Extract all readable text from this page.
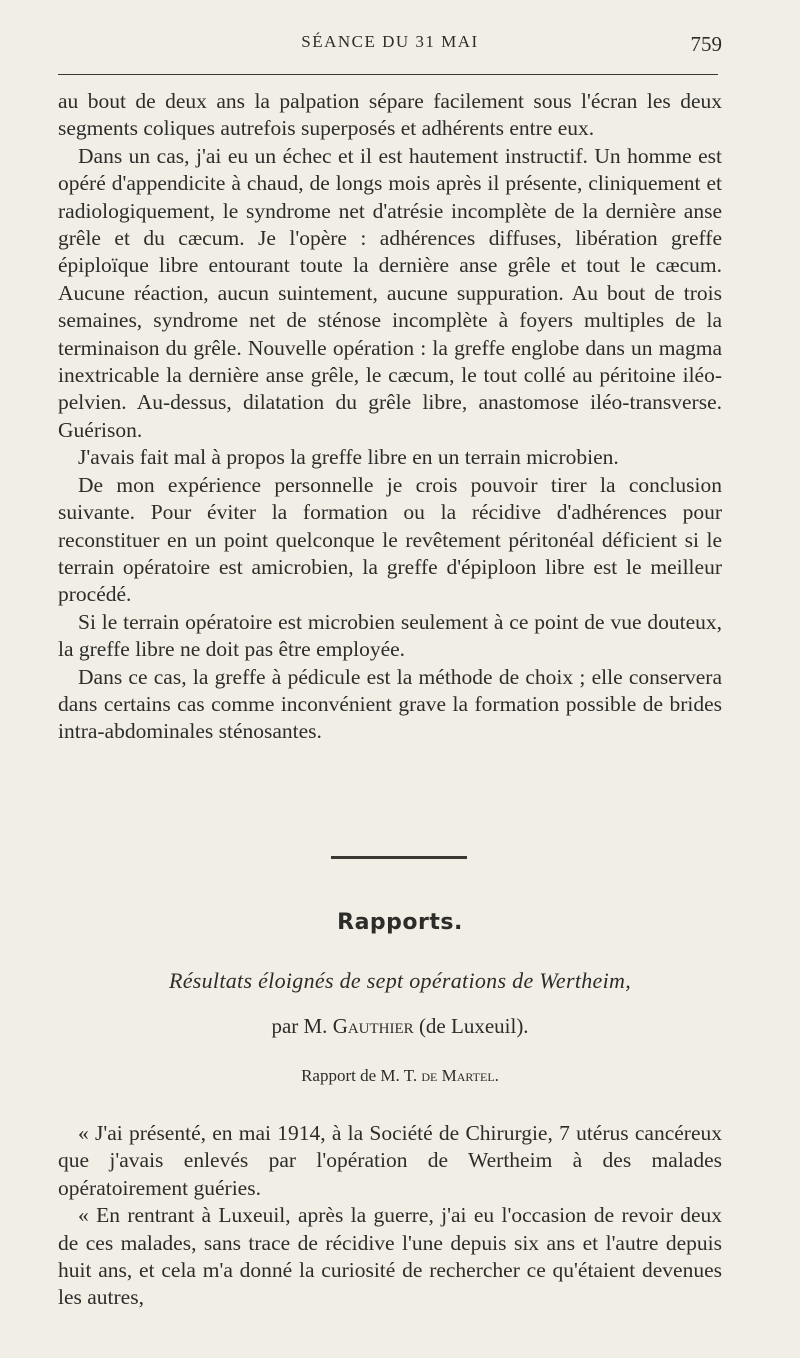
SÉANCE DU 31 MAI	759

au bout de deux ans la palpation sépare facilement sous l'écran les deux segments coliques autrefois superposés et adhérents entre eux.

Dans un cas, j'ai eu un échec et il est hautement instructif. Un homme est opéré d'appendicite à chaud, de longs mois après il présente, cliniquement et radiologiquement, le syndrome net d'atrésie incomplète de la dernière anse grêle et du cæcum. Je l'opère : adhérences diffuses, libération greffe épiploïque libre entourant toute la dernière anse grêle et tout le cæcum. Aucune réaction, aucun suintement, aucune suppuration. Au bout de trois semaines, syndrome net de sténose incomplète à foyers multiples de la terminaison du grêle. Nouvelle opération : la greffe englobe dans un magma inextricable la dernière anse grêle, le cæcum, le tout collé au péritoine iléo-pelvien. Au-dessus, dilatation du grêle libre, anastomose iléo-transverse. Guérison.

J'avais fait mal à propos la greffe libre en un terrain microbien.

De mon expérience personnelle je crois pouvoir tirer la conclusion suivante. Pour éviter la formation ou la récidive d'adhérences pour reconstituer en un point quelconque le revêtement péritonéal déficient si le terrain opératoire est amicrobien, la greffe d'épiploon libre est le meilleur procédé.

Si le terrain opératoire est microbien seulement à ce point de vue douteux, la greffe libre ne doit pas être employée.

Dans ce cas, la greffe à pédicule est la méthode de choix ; elle conservera dans certains cas comme inconvénient grave la formation possible de brides intra-abdominales sténosantes.

Rapports.
Résultats éloignés de sept opérations de Wertheim,
par M. Gauthier (de Luxeuil).
Rapport de M. T. de Martel.

« J'ai présenté, en mai 1914, à la Société de Chirurgie, 7 utérus cancéreux que j'avais enlevés par l'opération de Wertheim à des malades opératoirement guéries.

« En rentrant à Luxeuil, après la guerre, j'ai eu l'occasion de revoir deux de ces malades, sans trace de récidive l'une depuis six ans et l'autre depuis huit ans, et cela m'a donné la curiosité de rechercher ce qu'étaient devenues les autres,
